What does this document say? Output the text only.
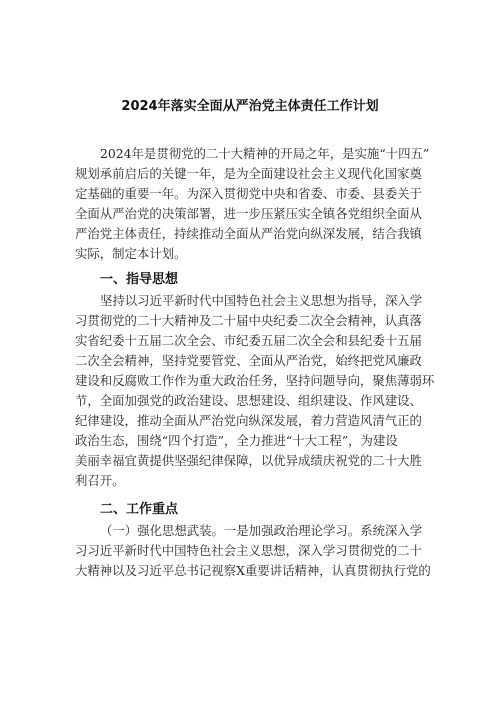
2024年落实全面从严治党主体责任工作计划
2024年是贯彻党的二十大精神的开局之年，是实施“十四五”
规划承前启后的关键一年，是为全面建设社会主义现代化国家奠
定基础的重要一年。为深入贯彻党中央和省委、市委、县委关于
全面从严治党的决策部署，进一步压紧压实全镇各党组织全面从
严治党主体责任，持续推动全面从严治党向纵深发展，结合我镇
实际，制定本计划。
一、指导思想
坚持以习近平新时代中国特色社会主义思想为指导，深入学
习贯彻党的二十大精神及二十届中央纪委二次全会精神，认真落
实省纪委十五届二次全会、市纪委五届二次全会和县纪委十五届
二次全会精神，坚持党要管党、全面从严治党，始终把党风廉政
建设和反腐败工作作为重大政治任务，坚持问题导向，聚焦薄弱环
节，全面加强党的政治建设、思想建设、组织建设、作风建设、
纪律建设，推动全面从严治党向纵深发展，着力营造风清气正的
政治生态，围绕“四个打造”，全力推进“十大工程”，为建设
美丽幸福宜黄提供坚强纪律保障，以优异成绩庆祝党的二十大胜
利召开。
二、工作重点
（一）强化思想武装。一是加强政治理论学习。系统深入学
习习近平新时代中国特色社会主义思想，深入学习贯彻党的二十
大精神以及习近平总书记视察X重要讲话精神，认真贯彻执行党的
